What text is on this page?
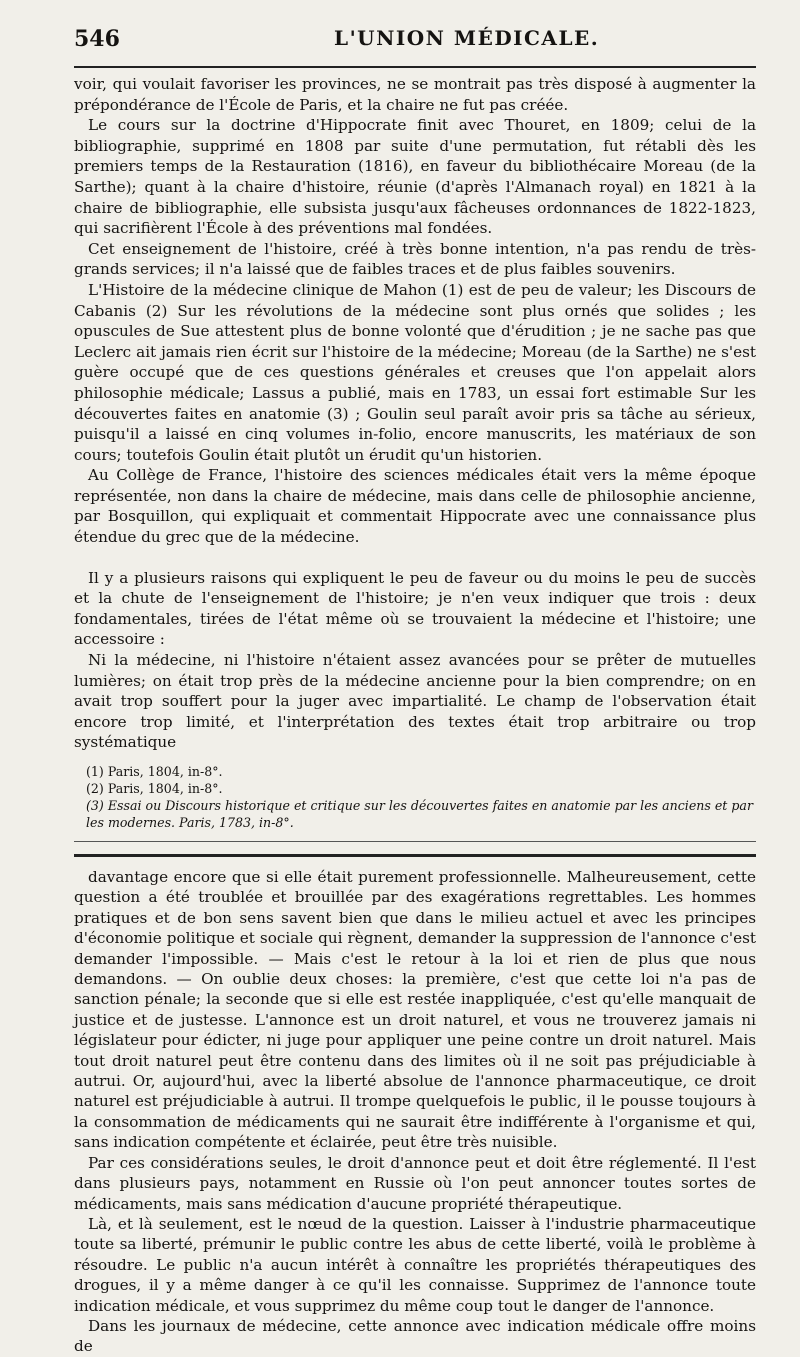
546	L'UNION MÉDICALE.

voir, qui voulait favoriser les provinces, ne se montrait pas très disposé à augmenter la prépondérance de l'École de Paris, et la chaire ne fut pas créée.

Le cours sur la doctrine d'Hippocrate finit avec Thouret, en 1809; celui de la bibliographie, supprimé en 1808 par suite d'une permutation, fut rétabli dès les premiers temps de la Restauration (1816), en faveur du bibliothécaire Moreau (de la Sarthe); quant à la chaire d'histoire, réunie (d'après l'Almanach royal) en 1821 à la chaire de bibliographie, elle subsista jusqu'aux fâcheuses ordonnances de 1822-1823, qui sacrifièrent l'École à des préventions mal fondées.

Cet enseignement de l'histoire, créé à très bonne intention, n'a pas rendu de très-grands services; il n'a laissé que de faibles traces et de plus faibles souvenirs.

L'Histoire de la médecine clinique de Mahon (1) est de peu de valeur; les Discours de Cabanis (2) Sur les révolutions de la médecine sont plus ornés que solides ; les opuscules de Sue attestent plus de bonne volonté que d'érudition ; je ne sache pas que Leclerc ait jamais rien écrit sur l'histoire de la médecine; Moreau (de la Sarthe) ne s'est guère occupé que de ces questions générales et creuses que l'on appelait alors philosophie médicale; Lassus a publié, mais en 1783, un essai fort estimable Sur les découvertes faites en anatomie (3) ; Goulin seul paraît avoir pris sa tâche au sérieux, puisqu'il a laissé en cinq volumes in-folio, encore manuscrits, les matériaux de son cours; toutefois Goulin était plutôt un érudit qu'un historien.

Au Collège de France, l'histoire des sciences médicales était vers la même époque représentée, non dans la chaire de médecine, mais dans celle de philosophie ancienne, par Bosquillon, qui expliquait et commentait Hippocrate avec une connaissance plus étendue du grec que de la médecine.

Il y a plusieurs raisons qui expliquent le peu de faveur ou du moins le peu de succès et la chute de l'enseignement de l'histoire; je n'en veux indiquer que trois : deux fondamentales, tirées de l'état même où se trouvaient la médecine et l'histoire; une accessoire :

Ni la médecine, ni l'histoire n'étaient assez avancées pour se prêter de mutuelles lumières; on était trop près de la médecine ancienne pour la bien comprendre; on en avait trop souffert pour la juger avec impartialité. Le champ de l'observation était encore trop limité, et l'interprétation des textes était trop arbitraire ou trop systématique

(1) Paris, 1804, in-8°.

(2) Paris, 1804, in-8°.

(3) Essai ou Discours historique et critique sur les découvertes faites en anatomie par les anciens et par les modernes. Paris, 1783, in-8°.

davantage encore que si elle était purement professionnelle. Malheureusement, cette question a été troublée et brouillée par des exagérations regrettables. Les hommes pratiques et de bon sens savent bien que dans le milieu actuel et avec les principes d'économie politique et sociale qui règnent, demander la suppression de l'annonce c'est demander l'impossible. — Mais c'est le retour à la loi et rien de plus que nous demandons. — On oublie deux choses: la première, c'est que cette loi n'a pas de sanction pénale; la seconde que si elle est restée inappliquée, c'est qu'elle manquait de justice et de justesse. L'annonce est un droit naturel, et vous ne trouverez jamais ni législateur pour édicter, ni juge pour appliquer une peine contre un droit naturel. Mais tout droit naturel peut être contenu dans des limites où il ne soit pas préjudiciable à autrui. Or, aujourd'hui, avec la liberté absolue de l'annonce pharmaceutique, ce droit naturel est préjudiciable à autrui. Il trompe quelquefois le public, il le pousse toujours à la consommation de médicaments qui ne saurait être indifférente à l'organisme et qui, sans indication compétente et éclairée, peut être très nuisible.

Par ces considérations seules, le droit d'annonce peut et doit être réglementé. Il l'est dans plusieurs pays, notamment en Russie où l'on peut annoncer toutes sortes de médicaments, mais sans médication d'aucune propriété thérapeutique.

Là, et là seulement, est le nœud de la question. Laisser à l'industrie pharmaceutique toute sa liberté, prémunir le public contre les abus de cette liberté, voilà le problème à résoudre. Le public n'a aucun intérêt à connaître les propriétés thérapeutiques des drogues, il y a même danger à ce qu'il les connaisse. Supprimez de l'annonce toute indication médicale, et vous supprimez du même coup tout le danger de l'annonce.

Dans les journaux de médecine, cette annonce avec indication médicale offre moins de
